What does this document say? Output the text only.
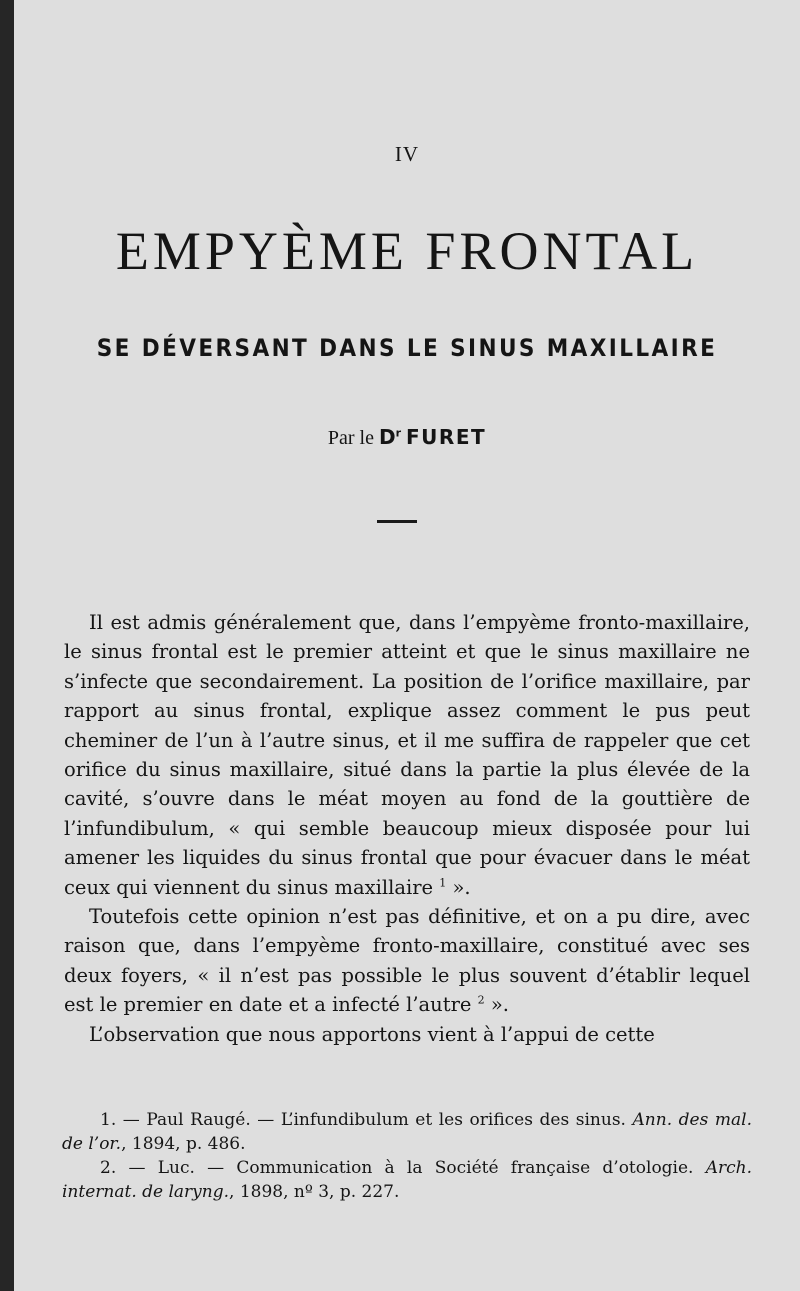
IV
EMPYÈME FRONTAL
SE DÉVERSANT DANS LE SINUS MAXILLAIRE
Par le $D^r$ FURET

Il est admis généralement que, dans l’empyème fronto-maxillaire, le sinus frontal est le premier atteint et que le sinus maxillaire ne s’infecte que secondairement. La position de l’orifice maxillaire, par rapport au sinus frontal, explique assez comment le pus peut cheminer de l’un à l’autre sinus, et il me suffira de rappeler que cet orifice du sinus maxillaire, situé dans la partie la plus élevée de la cavité, s’ouvre dans le méat moyen au fond de la gouttière de l’infundibulum, « qui semble beaucoup mieux disposée pour lui amener les liquides du sinus frontal que pour évacuer dans le méat ceux qui viennent du sinus maxillaire $^1$ ».

Toutefois cette opinion n’est pas définitive, et on a pu dire, avec raison que, dans l’empyème fronto-maxillaire, constitué avec ses deux foyers, « il n’est pas possible le plus souvent d’établir lequel est le premier en date et a infecté l’autre $^2$ ».

L’observation que nous apportons vient à l’appui de cette

1. — Paul Raugé. — L’infundibulum et les orifices des sinus. Ann. des mal. de l’or., 1894, p. 486.

2. — Luc. — Communication à la Société française d’otologie. Arch. internat. de laryng., 1898, nº 3, p. 227.
